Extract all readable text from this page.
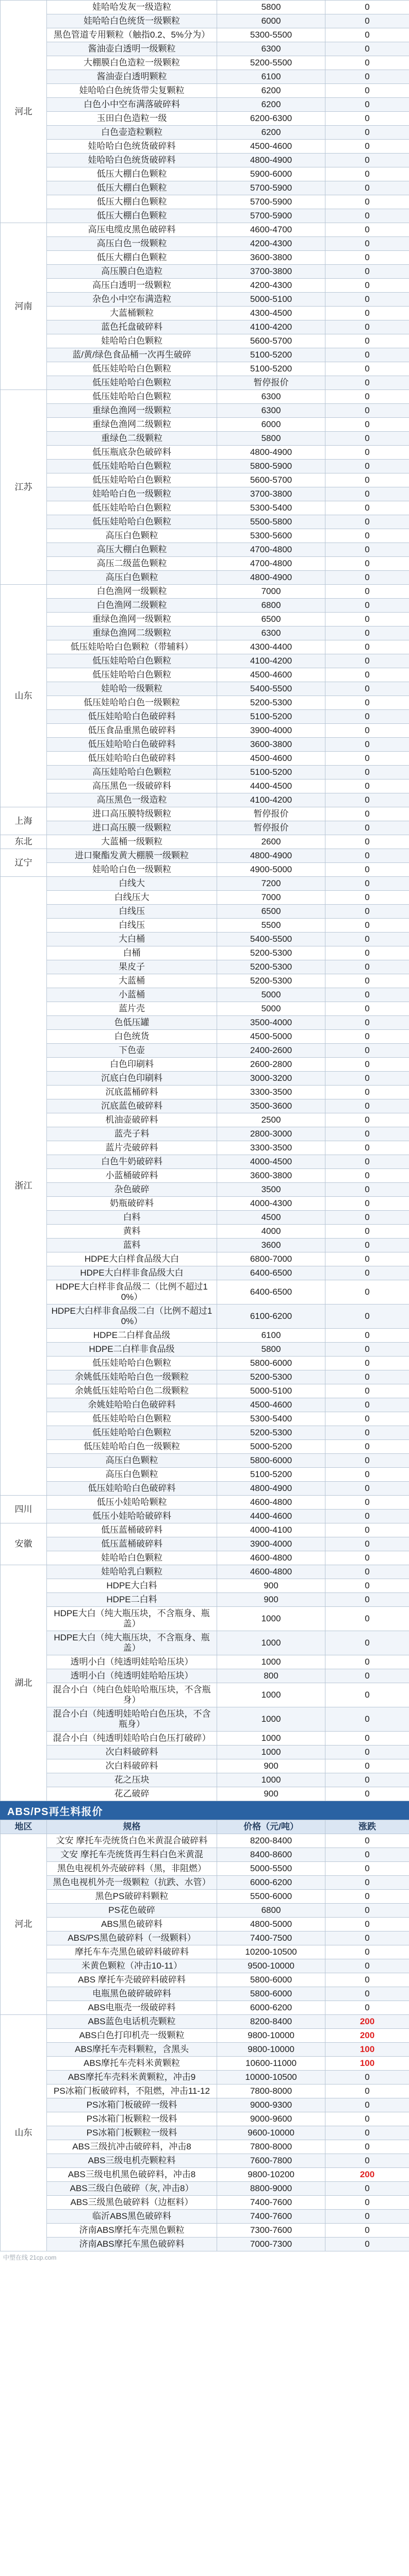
河北	娃哈哈发灰一级造粒	5800	0
	娃哈哈白色统货一级颗粒	6000	0
	黑色管道专用颗粒（触指0.2、5%分为）	5300-5500	0
	酱油壶白透明一级颗粒	6300	0
	大棚膜白色造粒一级颗粒	5200-5500	0
	酱油壶白透明颗粒	6100	0
	娃哈哈白色统货带尖复颗粒	6200	0
	白色小中空布满落破碎料	6200	0
	玉田白色造粒一级	6200-6300	0
	白色壶造粒颗粒	6200	0
	娃哈哈白色统货破碎料	4500-4600	0
	娃哈哈白色统货破碎料	4800-4900	0
	低压大棚白色颗粒	5900-6000	0
	低压大棚白色颗粒	5700-5900	0
	低压大棚白色颗粒	5700-5900	0
	低压大棚白色颗粒	5700-5900	0
河南	高压电缆皮黑色破碎料	4600-4700	0
	高压白色一级颗粒	4200-4300	0
	低压大棚白色颗粒	3600-3800	0
	高压膜白色造粒	3700-3800	0
	高压白透明一级颗粒	4200-4300	0
	杂色小中空布满造粒	5000-5100	0
	大蓝桶颗粒	4300-4500	0
	蓝色托盘破碎料	4100-4200	0
	娃哈哈白色颗粒	5600-5700	0
	蓝/黄/绿色食品桶一次再生破碎	5100-5200	0
	低压娃哈哈白色颗粒	5100-5200	0
	低压娃哈哈白色颗粒	暂停报价	0
江苏	低压娃哈哈白色颗粒	6300	0
	重绿色渔网一级颗粒	6300	0
	重绿色渔网二级颗粒	6000	0
	重绿色二级颗粒	5800	0
	低压瓶底杂色破碎料	4800-4900	0
	低压娃哈哈白色颗粒	5800-5900	0
	低压娃哈哈白色颗粒	5600-5700	0
	娃哈哈白色一级颗粒	3700-3800	0
	低压娃哈哈白色颗粒	5300-5400	0
	低压娃哈哈白色颗粒	5500-5800	0
	高压白色颗粒	5300-5600	0
	高压大棚白色颗粒	4700-4800	0
	高压二级蓝色颗粒	4700-4800	0
	高压白色颗粒	4800-4900	0
山东	白色渔网一级颗粒	7000	0
	白色渔网二级颗粒	6800	0
	重绿色渔网一级颗粒	6500	0
	重绿色渔网二级颗粒	6300	0
	低压娃哈哈白色颗粒（带辅料）	4300-4400	0
	低压娃哈哈白色颗粒	4100-4200	0
	低压娃哈哈白色颗粒	4500-4600	0
	娃哈哈一级颗粒	5400-5500	0
	低压娃哈哈白色一级颗粒	5200-5300	0
	低压娃哈哈白色破碎料	5100-5200	0
	低压食品重黑色破碎料	3900-4000	0
	低压娃哈哈白色破碎料	3600-3800	0
	低压娃哈哈白色破碎料	4500-4600	0
	高压娃哈哈白色颗粒	5100-5200	0
	高压黑色一级破碎料	4400-4500	0
	高压黑色一级造粒	4100-4200	0
上海	进口高压膜特级颗粒	暂停报价	0
	进口高压膜一级颗粒	暂停报价	0
东北	大蓝桶一级颗粒	2600	0
辽宁	进口聚酯发黄大棚膜一级颗粒	4800-4900	0
	娃哈哈白色一级颗粒	4900-5000	0
浙江	白线大	7200	0
	白线压大	7000	0
	白线压	6500	0
	白线压	5500	0
	大白桶	5400-5500	0
	白桶	5200-5300	0
	果皮子	5200-5300	0
	大蓝桶	5200-5300	0
	小蓝桶	5000	0
	蓝片壳	5000	0
	色低压罐	3500-4000	0
	白色统货	4500-5000	0
	下色壶	2400-2600	0
	白色印刷料	2600-2800	0
	沉底白色印刷料	3000-3200	0
	沉底蓝桶碎料	3300-3500	0
	沉底蓝色破碎料	3500-3600	0
	机油壶破碎料	2500	0
	蓝壳子料	2800-3000	0
	蓝片壳破碎料	3300-3500	0
	白色牛奶破碎料	4000-4500	0
	小蓝桶破碎料	3600-3800	0
	杂色破碎	3500	0
	奶瓶破碎料	4000-4300	0
	白料	4500	0
	黄料	4000	0
	蓝料	3600	0
	HDPE大白样食品级大白	6800-7000	0
	HDPE大白样非食品级大白	6400-6500	0
	HDPE大白样非食品级二（比例不超过10%）	6400-6500	0
	HDPE大白样非食品级二白（比例不超过10%）	6100-6200	0
	HDPE二白样食品级	6100	0
	HDPE二白样非食品级	5800	0
	低压娃哈哈白色颗粒	5800-6000	0
	余姚低压娃哈哈白色一级颗粒	5200-5300	0
	余姚低压娃哈哈白色二级颗粒	5000-5100	0
	余姚娃哈哈白色破碎料	4500-4600	0
	低压娃哈哈白色颗粒	5300-5400	0
	低压娃哈哈白色颗粒	5200-5300	0
	低压娃哈哈白色一级颗粒	5000-5200	0
	高压白色颗粒	5800-6000	0
	高压白色颗粒	5100-5200	0
	低压娃哈哈白色破碎料	4800-4900	0
四川	低压小娃哈哈颗粒	4600-4800	0
	低压小娃哈哈破碎料	4400-4600	0
安徽	低压蓝桶破碎料	4000-4100	0
	低压蓝桶破碎料	3900-4000	0
	娃哈哈白色颗粒	4600-4800	0
湖北	娃哈哈乳白颗粒	4600-4800	0
	HDPE大白料	900	0
	HDPE二白料	900	0
	HDPE大白（纯大瓶压块，不含瓶身、瓶盖）	1000	0
	HDPE大白（纯大瓶压块，不含瓶身、瓶盖）	1000	0
	透明小白（纯透明娃哈哈压块）	1000	0
	透明小白（纯透明娃哈哈压块）	800	0
	混合小白（纯白色娃哈哈瓶压块，不含瓶身）	1000	0
	混合小白（纯透明娃哈哈白色压块，不含瓶身）	1000	0
	混合小白（纯透明娃哈哈白色压打破碎）	1000	0
	次白料破碎料	1000	0
	次白料破碎料	900	0
	花之压块	1000	0
	花乙破碎	900	0
ABS/PS再生料报价
地区	规格	价格（元/吨）	涨跌
河北	文安 摩托车壳统货白色米黄混合破碎料	8200-8400	0
	文安 摩托车壳统货再生料白色米黄混	8400-8600	0
	黑色电视机外壳破碎料（黑，非阻燃）	5000-5500	0
	黑色电视机外壳一级颗粒（抗跌、水管）	6000-6200	0
	黑色PS破碎料颗粒	5500-6000	0
	PS花色破碎	6800	0
	ABS黑色破碎料	4800-5000	0
	ABS/PS黑色破碎料（一级颗料）	7400-7500	0
	摩托车车壳黑色破碎料破碎料	10200-10500	0
	米黄色颗粒（冲击10-11）	9500-10000	0
	ABS 摩托车壳破碎料破碎料	5800-6000	0
	电瓶黑色破碎破碎料	5800-6000	0
	ABS电瓶壳一级破碎料	6000-6200	0
山东	ABS蓝色电话机壳颗粒	8200-8400	200
	ABS白色打印机壳一级颗粒	9800-10000	200
	ABS摩托车壳料颗粒，含黑头	9800-10000	100
	ABS摩托车壳料米黄颗粒	10600-11000	100
	ABS摩托车壳料米黄颗粒，冲击9	10000-10500	0
	PS冰箱门板破碎料，不阻燃，冲击11-12	7800-8000	0
	PS冰箱门板破碎一级料	9000-9300	0
	PS冰箱门板颗粒一级料	9000-9600	0
	PS冰箱门板颗粒一级料	9600-10000	0
	ABS三级抗冲击破碎料，冲击8	7800-8000	0
	ABS三级电机壳颗粒料	7600-7800	0
	ABS三级电机黑色破碎料，冲击8	9800-10200	200
	ABS三级白色破碎（灰, 冲击8）	8800-9000	0
	ABS三级黑色破碎料（边框料）	7400-7600	0
	临沂ABS黑色破碎料	7400-7600	0
	济南ABS摩托车壳黑色颗粒	7300-7600	0
	济南ABS摩托车黑色破碎料	7000-7300	0
中塑在线 21cp.com
